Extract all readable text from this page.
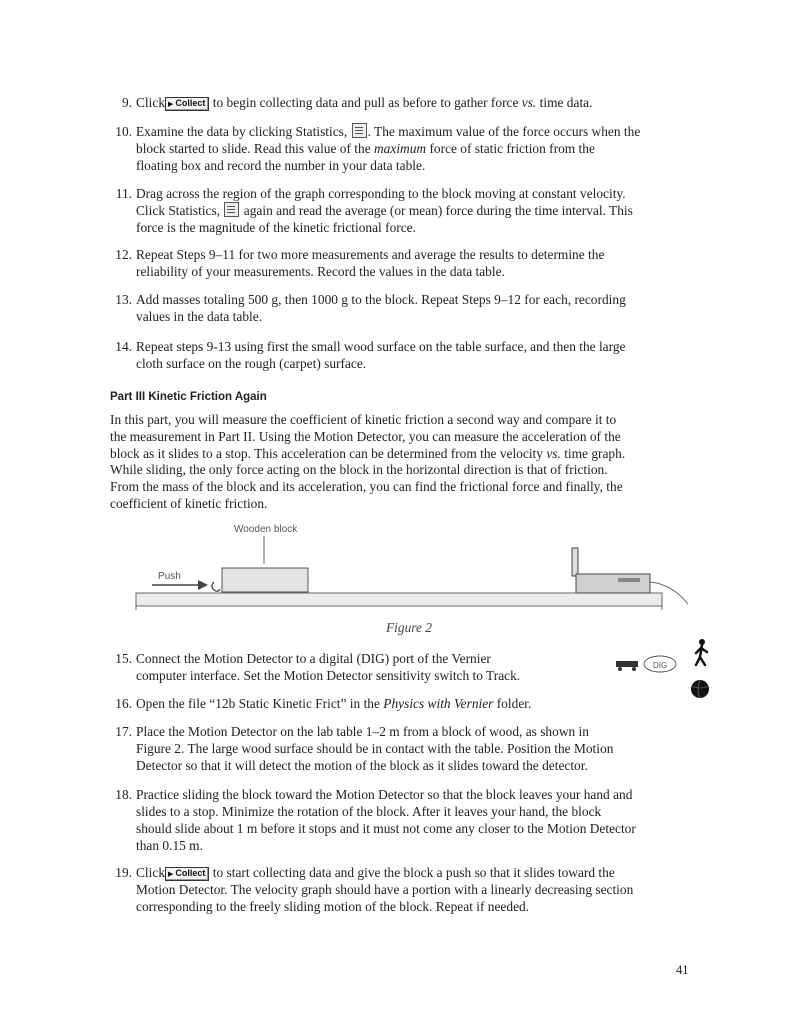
9. Click ▶ Collect to begin collecting data and pull as before to gather force vs. time data.
10. Examine the data by clicking Statistics, . The maximum value of the force occurs when the
block started to slide. Read this value of the maximum force of static friction from the
floating box and record the number in your data table.
11. Drag across the region of the graph corresponding to the block moving at constant velocity.
Click Statistics, again and read the average (or mean) force during the time interval. This
force is the magnitude of the kinetic frictional force.
12. Repeat Steps 9–11 for two more measurements and average the results to determine the
reliability of your measurements. Record the values in the data table.
13. Add masses totaling 500 g, then 1000 g to the block. Repeat Steps 9–12 for each, recording
values in the data table.
14. Repeat steps 9-13 using first the small wood surface on the table surface, and then the large
cloth surface on the rough (carpet) surface.
Part III Kinetic Friction Again
In this part, you will measure the coefficient of kinetic friction a second way and compare it to
the measurement in Part II. Using the Motion Detector, you can measure the acceleration of the
block as it slides to a stop. This acceleration can be determined from the velocity vs. time graph.
While sliding, the only force acting on the block in the horizontal direction is that of friction.
From the mass of the block and its acceleration, you can find the frictional force and finally, the
coefficient of kinetic friction.
Wooden block
Push
Figure 2
15. Connect the Motion Detector to a digital (DIG) port of the Vernier
computer interface. Set the Motion Detector sensitivity switch to Track.
DIG
16. Open the file “12b Static Kinetic Frict” in the Physics with Vernier folder.
17. Place the Motion Detector on the lab table 1–2 m from a block of wood, as shown in
Figure 2. The large wood surface should be in contact with the table. Position the Motion
Detector so that it will detect the motion of the block as it slides toward the detector.
18. Practice sliding the block toward the Motion Detector so that the block leaves your hand and
slides to a stop. Minimize the rotation of the block. After it leaves your hand, the block
should slide about 1 m before it stops and it must not come any closer to the Motion Detector
than 0.15 m.
19. Click ▶ Collect to start collecting data and give the block a push so that it slides toward the
Motion Detector. The velocity graph should have a portion with a linearly decreasing section
corresponding to the freely sliding motion of the block. Repeat if needed.
41
